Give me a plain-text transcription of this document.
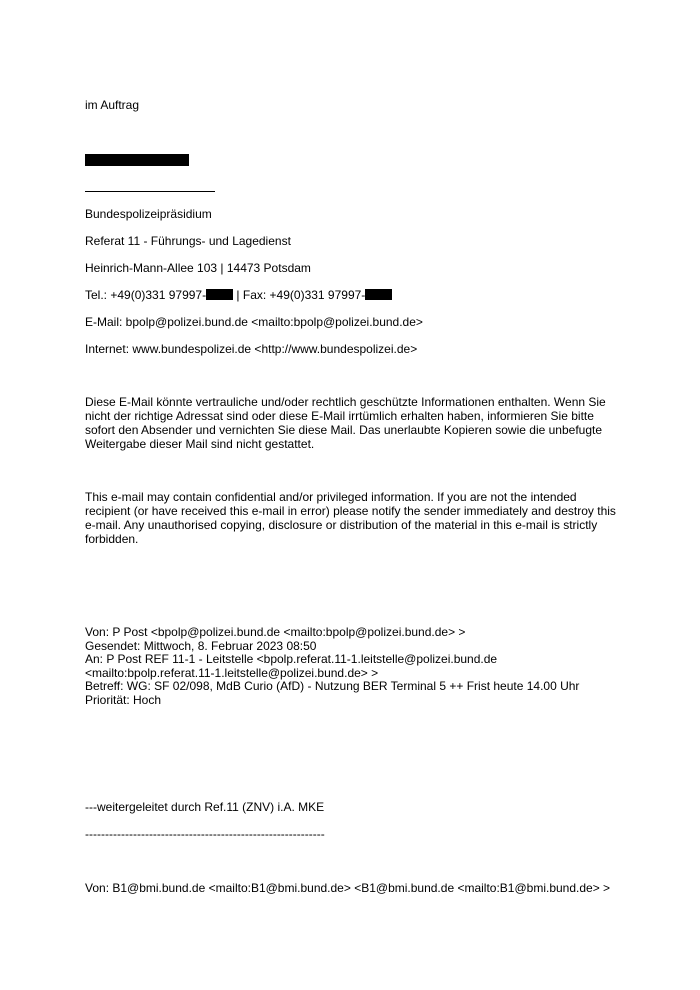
im Auftrag
Bundespolizeipräsidium
Referat 11 - Führungs- und Lagedienst
Heinrich-Mann-Allee 103 | 14473 Potsdam
Tel.: +49(0)331 97997- | Fax: +49(0)331 97997-
E-Mail: bpolp@polizei.bund.de <mailto:bpolp@polizei.bund.de>
Internet: www.bundespolizei.de <http://www.bundespolizei.de>
Diese E-Mail könnte vertrauliche und/oder rechtlich geschützte Informationen enthalten. Wenn Sie nicht der richtige Adressat sind oder diese E-Mail irrtümlich erhalten haben, informieren Sie bitte sofort den Absender und vernichten Sie diese Mail. Das unerlaubte Kopieren sowie die unbefugte Weitergabe dieser Mail sind nicht gestattet.
This e-mail may contain confidential and/or privileged information. If you are not the intended recipient (or have received this e-mail in error) please notify the sender immediately and destroy this e-mail. Any unauthorised copying, disclosure or distribution of the material in this e-mail is strictly forbidden.
Von: P Post <bpolp@polizei.bund.de <mailto:bpolp@polizei.bund.de> >
Gesendet: Mittwoch, 8. Februar 2023 08:50
An: P Post REF 11-1 - Leitstelle <bpolp.referat.11-1.leitstelle@polizei.bund.de
<mailto:bpolp.referat.11-1.leitstelle@polizei.bund.de> >
Betreff: WG: SF 02/098, MdB Curio (AfD) - Nutzung BER Terminal 5 ++ Frist heute 14.00 Uhr
Priorität: Hoch
---weitergeleitet durch Ref.11 (ZNV) i.A. MKE
------------------------------------------------------------
Von: B1@bmi.bund.de <mailto:B1@bmi.bund.de> <B1@bmi.bund.de <mailto:B1@bmi.bund.de> >
